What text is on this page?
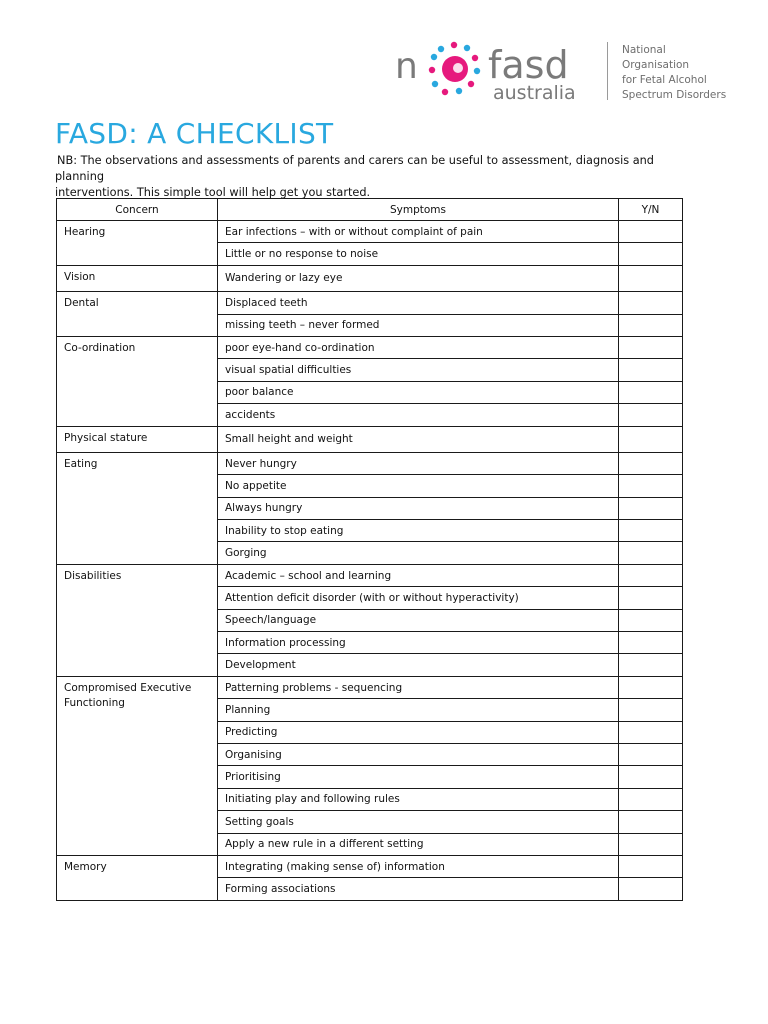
n fasd
australia
National
Organisation
for Fetal Alcohol
Spectrum Disorders
FASD: A CHECKLIST

NB: The observations and assessments of parents and carers can be useful to assessment, diagnosis and planning
interventions. This simple tool will help get you started.

Concern	Symptoms	Y/N
Hearing	Ear infections – with or without complaint of pain	
	Little or no response to noise	
Vision	Wandering or lazy eye	
Dental	Displaced teeth	
	missing teeth – never formed	
Co-ordination	poor eye-hand co-ordination	
	visual spatial difficulties	
	poor balance	
	accidents	
Physical stature	Small height and weight	
Eating	Never hungry	
	No appetite	
	Always hungry	
	Inability to stop eating	
	Gorging	
Disabilities	Academic – school and learning	
	Attention deficit disorder (with or without hyperactivity)	
	Speech/language	
	Information processing	
	Development	
Compromised Executive Functioning	Patterning problems - sequencing	
	Planning	
	Predicting	
	Organising	
	Prioritising	
	Initiating play and following rules	
	Setting goals	
	Apply a new rule in a different setting	
Memory	Integrating (making sense of) information	
	Forming associations	
